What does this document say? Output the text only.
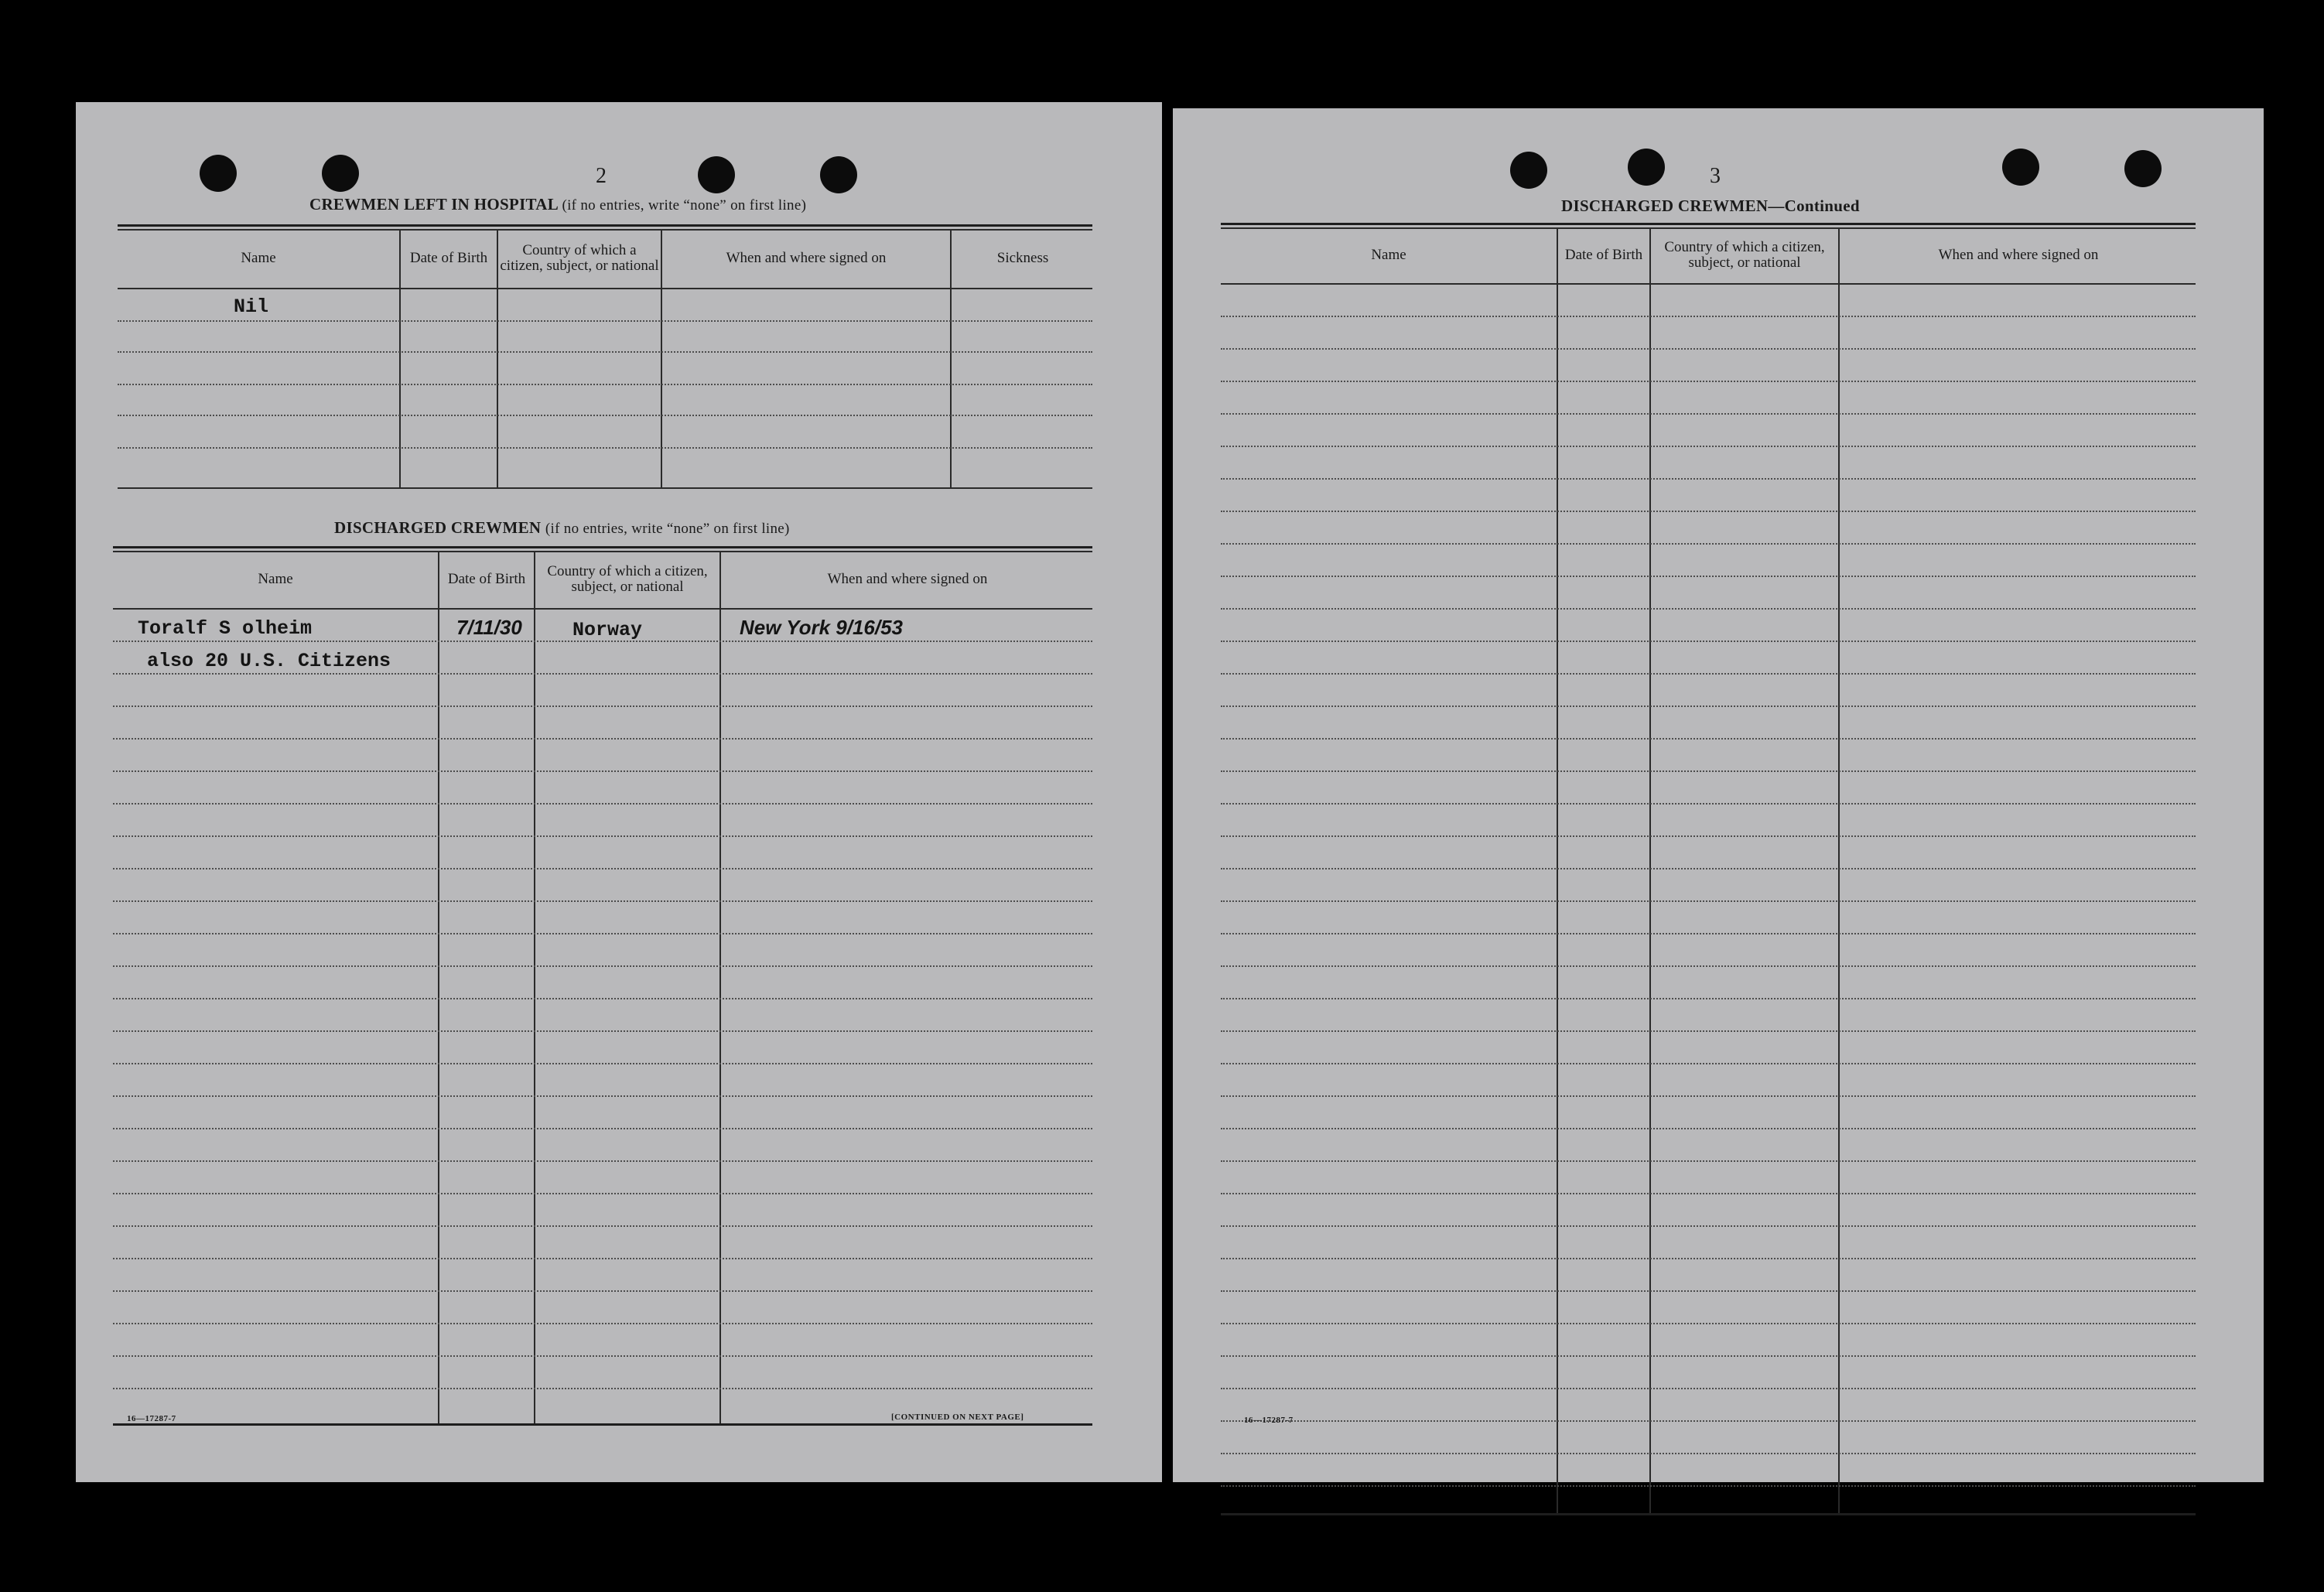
2
CREWMEN LEFT IN HOSPITAL (if no entries, write “none” on first line)
Name	Date of Birth	Country of which a citizen, subject, or national	When and where signed on	Sickness
Nil
DISCHARGED CREWMEN (if no entries, write “none” on first line)
Name	Date of Birth	Country of which a citizen, subject, or national	When and where signed on
Toralf S olheim	7/11/30	Norway	New York 9/16/53
also 20 U.S. Citizens
16—17287-7	[CONTINUED ON NEXT PAGE]
3
DISCHARGED CREWMEN—Continued
Name	Date of Birth	Country of which a citizen, subject, or national	When and where signed on
16—17287-7
